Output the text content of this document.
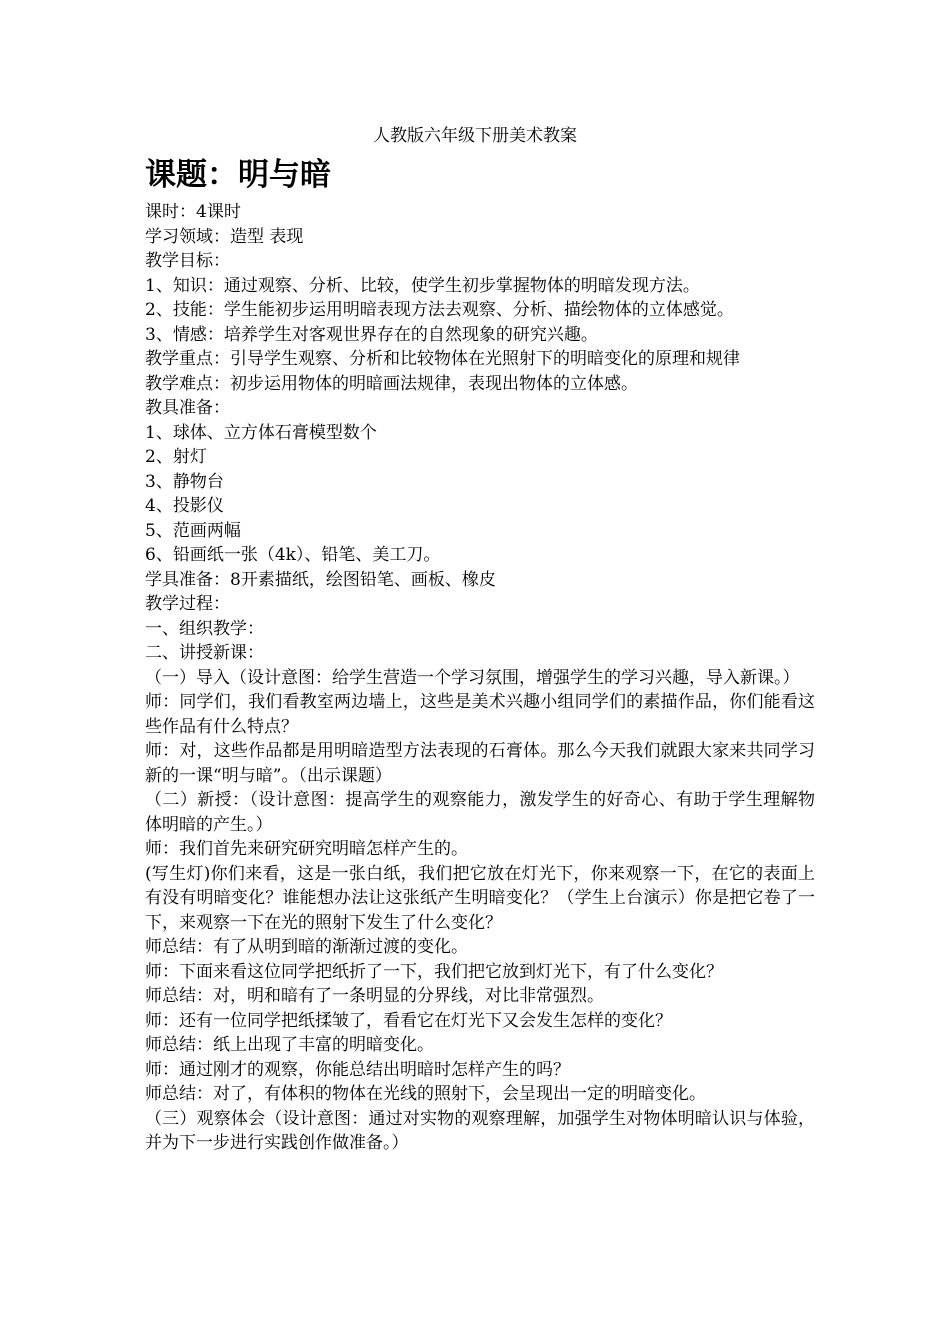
人教版六年级下册美术教案
课题：明与暗
课时：4课时
学习领域：造型 表现
教学目标：
1、知识：通过观察、分析、比较，使学生初步掌握物体的明暗发现方法。
2、技能：学生能初步运用明暗表现方法去观察、分析、描绘物体的立体感觉。
3、情感：培养学生对客观世界存在的自然现象的研究兴趣。
教学重点：引导学生观察、分析和比较物体在光照射下的明暗变化的原理和规律
教学难点：初步运用物体的明暗画法规律，表现出物体的立体感。
教具准备：
1、球体、立方体石膏模型数个
2、射灯
3、静物台
4、投影仪
5、范画两幅
6、铅画纸一张（4k）、铅笔、美工刀。
学具准备：8开素描纸，绘图铅笔、画板、橡皮
教学过程：
一、组织教学：
二、讲授新课：
（一）导入（设计意图：给学生营造一个学习氛围，增强学生的学习兴趣，导入新课。）
师：同学们，我们看教室两边墙上，这些是美术兴趣小组同学们的素描作品，你们能看这些作品有什么特点？
师：对，这些作品都是用明暗造型方法表现的石膏体。那么今天我们就跟大家来共同学习新的一课“明与暗”。（出示课题）
（二）新授：（设计意图：提高学生的观察能力，激发学生的好奇心、有助于学生理解物体明暗的产生。）
师：我们首先来研究研究明暗怎样产生的。
(写生灯)你们来看，这是一张白纸，我们把它放在灯光下，你来观察一下，在它的表面上有没有明暗变化？谁能想办法让这张纸产生明暗变化？（学生上台演示）你是把它卷了一下，来观察一下在光的照射下发生了什么变化？
师总结：有了从明到暗的渐渐过渡的变化。
师：下面来看这位同学把纸折了一下，我们把它放到灯光下，有了什么变化？
师总结：对，明和暗有了一条明显的分界线，对比非常强烈。
师：还有一位同学把纸揉皱了，看看它在灯光下又会发生怎样的变化？
师总结：纸上出现了丰富的明暗变化。
师：通过刚才的观察，你能总结出明暗时怎样产生的吗？
师总结：对了，有体积的物体在光线的照射下，会呈现出一定的明暗变化。
（三）观察体会（设计意图：通过对实物的观察理解，加强学生对物体明暗认识与体验，并为下一步进行实践创作做准备。）
